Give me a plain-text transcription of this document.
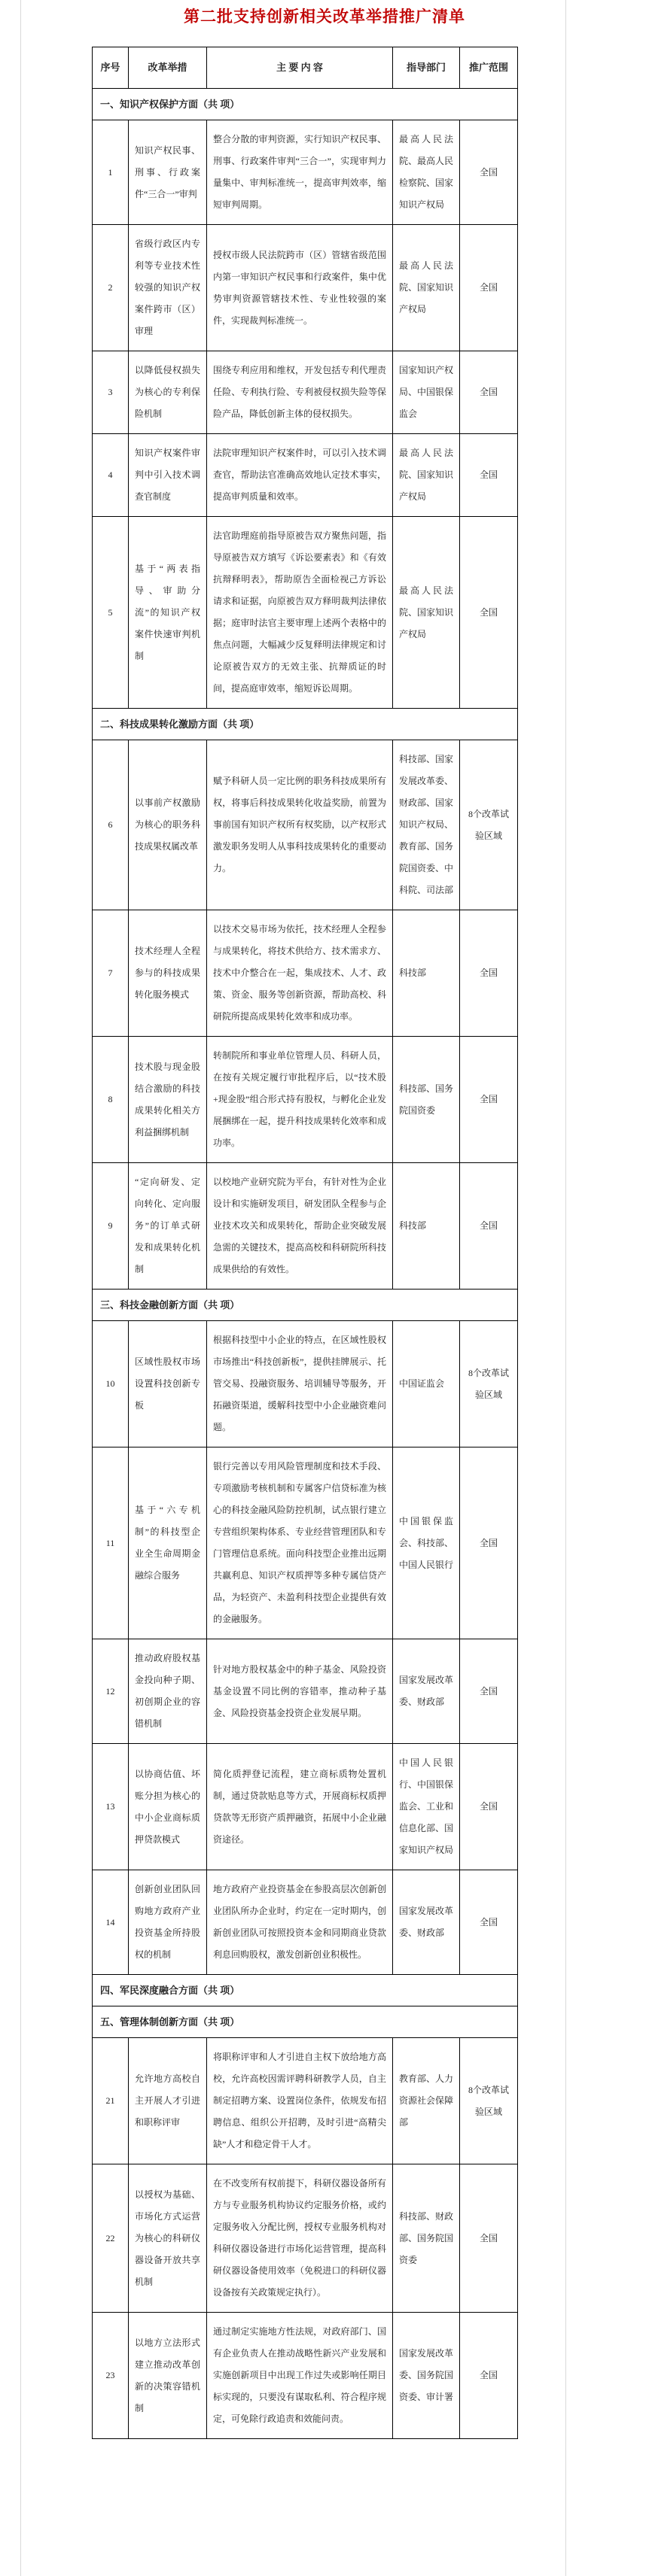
第二批支持创新相关改革举措推广清单
序号	改革举措	主 要 内 容	指导部门	推广范围
一、知识产权保护方面（共 项）				
1	知识产权民事、刑事、行政案件“三合一”审判	整合分散的审判资源，实行知识产权民事、刑事、行政案件审判“三合一”，实现审判力量集中、审判标准统一，提高审判效率，缩短审判周期。	最高人民法院、最高人民检察院、国家知识产权局	全国
2	省级行政区内专利等专业技术性较强的知识产权案件跨市（区）审理	授权市级人民法院跨市（区）管辖省级范围内第一审知识产权民事和行政案件，集中优势审判资源管辖技术性、专业性较强的案件，实现裁判标准统一。	最高人民法院、国家知识产权局	全国
3	以降低侵权损失为核心的专利保险机制	围绕专利应用和维权，开发包括专利代理责任险、专利执行险、专利被侵权损失险等保险产品，降低创新主体的侵权损失。	国家知识产权局、中国银保监会	全国
4	知识产权案件审判中引入技术调查官制度	法院审理知识产权案件时，可以引入技术调查官，帮助法官准确高效地认定技术事实，提高审判质量和效率。	最高人民法院、国家知识产权局	全国
5	基于“两表指导、审助分流”的知识产权案件快速审判机制	法官助理庭前指导原被告双方聚焦问题，指导原被告双方填写《诉讼要素表》和《有效抗辩释明表》，帮助原告全面检视己方诉讼请求和证据，向原被告双方释明裁判法律依据；庭审时法官主要审理上述两个表格中的焦点问题，大幅减少反复释明法律规定和讨论原被告双方的无效主张、抗辩质证的时间，提高庭审效率，缩短诉讼周期。	最高人民法院、国家知识产权局	全国
二、科技成果转化激励方面（共 项）				
6	以事前产权激励为核心的职务科技成果权属改革	赋予科研人员一定比例的职务科技成果所有权，将事后科技成果转化收益奖励，前置为事前国有知识产权所有权奖励，以产权形式激发职务发明人从事科技成果转化的重要动力。	科技部、国家发展改革委、财政部、国家知识产权局、教育部、国务院国资委、中科院、司法部	8个改革试验区域
7	技术经理人全程参与的科技成果转化服务模式	以技术交易市场为依托，技术经理人全程参与成果转化，将技术供给方、技术需求方、技术中介整合在一起，集成技术、人才、政策、资金、服务等创新资源，帮助高校、科研院所提高成果转化效率和成功率。	科技部	全国
8	技术股与现金股结合激励的科技成果转化相关方利益捆绑机制	转制院所和事业单位管理人员、科研人员，在按有关规定履行审批程序后，以“技术股+现金股”组合形式持有股权，与孵化企业发展捆绑在一起，提升科技成果转化效率和成功率。	科技部、国务院国资委	全国
9	“定向研发、定向转化、定向服务”的订单式研发和成果转化机制	以校地产业研究院为平台，有针对性为企业设计和实施研发项目，研发团队全程参与企业技术攻关和成果转化，帮助企业突破发展急需的关键技术，提高高校和科研院所科技成果供给的有效性。	科技部	全国
三、科技金融创新方面（共 项）				
10	区域性股权市场设置科技创新专板	根据科技型中小企业的特点，在区域性股权市场推出“科技创新板”，提供挂牌展示、托管交易、投融资服务、培训辅导等服务，开拓融资渠道，缓解科技型中小企业融资难问题。	中国证监会	8个改革试验区域
11	基于“六专机制”的科技型企业全生命周期金融综合服务	银行完善以专用风险管理制度和技术手段、专项激励考核机制和专属客户信贷标准为核心的科技金融风险防控机制，试点银行建立专营组织架构体系、专业经营管理团队和专门管理信息系统。面向科技型企业推出远期共赢利息、知识产权质押等多种专属信贷产品，为轻资产、未盈利科技型企业提供有效的金融服务。	中国银保监会、科技部、中国人民银行	全国
12	推动政府股权基金投向种子期、初创期企业的容错机制	针对地方股权基金中的种子基金、风险投资基金设置不同比例的容错率，推动种子基金、风险投资基金投资企业发展早期。	国家发展改革委、财政部	全国
13	以协商估值、坏账分担为核心的中小企业商标质押贷款模式	简化质押登记流程，建立商标质物处置机制，通过贷款贴息等方式，开展商标权质押贷款等无形资产质押融资，拓展中小企业融资途径。	中国人民银行、中国银保监会、工业和信息化部、国家知识产权局	全国
14	创新创业团队回购地方政府产业投资基金所持股权的机制	地方政府产业投资基金在参股高层次创新创业团队所办企业时，约定在一定时期内，创新创业团队可按照投资本金和同期商业贷款利息回购股权，激发创新创业积极性。	国家发展改革委、财政部	全国
四、军民深度融合方面（共 项）				
五、管理体制创新方面（共 项）				
21	允许地方高校自主开展人才引进和职称评审	将职称评审和人才引进自主权下放给地方高校，允许高校因需评聘科研教学人员，自主制定招聘方案、设置岗位条件，依规发布招聘信息、组织公开招聘，及时引进“高精尖缺”人才和稳定骨干人才。	教育部、人力资源社会保障部	8个改革试验区域
22	以授权为基础、市场化方式运营为核心的科研仪器设备开放共享机制	在不改变所有权前提下，科研仪器设备所有方与专业服务机构协议约定服务价格，或约定服务收入分配比例，授权专业服务机构对科研仪器设备进行市场化运营管理，提高科研仪器设备使用效率（免税进口的科研仪器设备按有关政策规定执行）。	科技部、财政部、国务院国资委	全国
23	以地方立法形式建立推动改革创新的决策容错机制	通过制定实施地方性法规，对政府部门、国有企业负责人在推动战略性新兴产业发展和实施创新项目中出现工作过失或影响任期目标实现的，只要没有谋取私利、符合程序规定，可免除行政追责和效能问责。	国家发展改革委、国务院国资委、审计署	全国
